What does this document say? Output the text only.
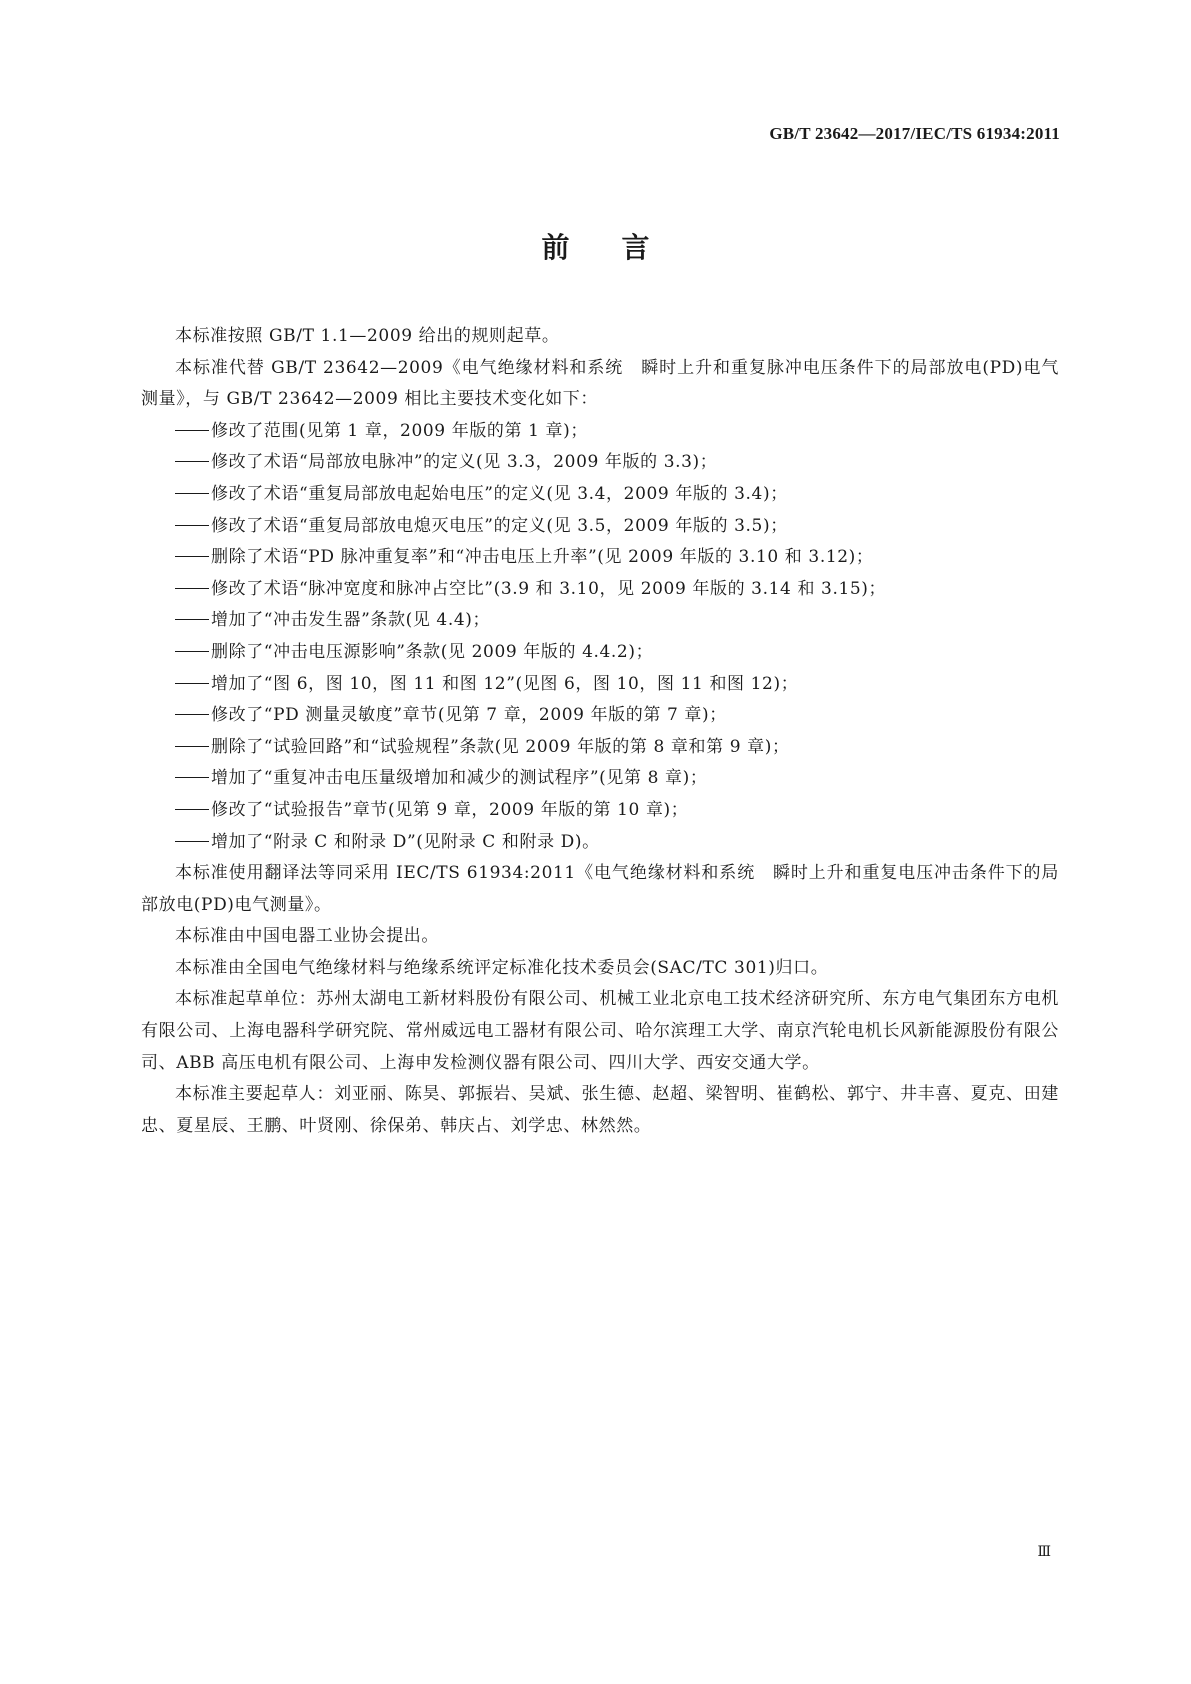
GB/T 23642—2017/IEC/TS 61934:2011
前言

本标准按照 GB/T 1.1—2009 给出的规则起草。

本标准代替 GB/T 23642—2009《电气绝缘材料和系统　瞬时上升和重复脉冲电压条件下的局部放电(PD)电气测量》，与 GB/T 23642—2009 相比主要技术变化如下：

修改了范围(见第 1 章，2009 年版的第 1 章)；

修改了术语“局部放电脉冲”的定义(见 3.3，2009 年版的 3.3)；

修改了术语“重复局部放电起始电压”的定义(见 3.4，2009 年版的 3.4)；

修改了术语“重复局部放电熄灭电压”的定义(见 3.5，2009 年版的 3.5)；

删除了术语“PD 脉冲重复率”和“冲击电压上升率”(见 2009 年版的 3.10 和 3.12)；

修改了术语“脉冲宽度和脉冲占空比”(3.9 和 3.10，见 2009 年版的 3.14 和 3.15)；

增加了“冲击发生器”条款(见 4.4)；

删除了“冲击电压源影响”条款(见 2009 年版的 4.4.2)；

增加了“图 6，图 10，图 11 和图 12”(见图 6，图 10，图 11 和图 12)；

修改了“PD 测量灵敏度”章节(见第 7 章，2009 年版的第 7 章)；

删除了“试验回路”和“试验规程”条款(见 2009 年版的第 8 章和第 9 章)；

增加了“重复冲击电压量级增加和减少的测试程序”(见第 8 章)；

修改了“试验报告”章节(见第 9 章，2009 年版的第 10 章)；

增加了“附录 C 和附录 D”(见附录 C 和附录 D)。

本标准使用翻译法等同采用 IEC/TS 61934:2011《电气绝缘材料和系统　瞬时上升和重复电压冲击条件下的局部放电(PD)电气测量》。

本标准由中国电器工业协会提出。

本标准由全国电气绝缘材料与绝缘系统评定标准化技术委员会(SAC/TC 301)归口。

本标准起草单位：苏州太湖电工新材料股份有限公司、机械工业北京电工技术经济研究所、东方电气集团东方电机有限公司、上海电器科学研究院、常州威远电工器材有限公司、哈尔滨理工大学、南京汽轮电机长风新能源股份有限公司、ABB 高压电机有限公司、上海申发检测仪器有限公司、四川大学、西安交通大学。

本标准主要起草人：刘亚丽、陈昊、郭振岩、吴斌、张生德、赵超、梁智明、崔鹤松、郭宁、井丰喜、夏克、田建忠、夏星辰、王鹏、叶贤刚、徐保弟、韩庆占、刘学忠、林然然。

Ⅲ
